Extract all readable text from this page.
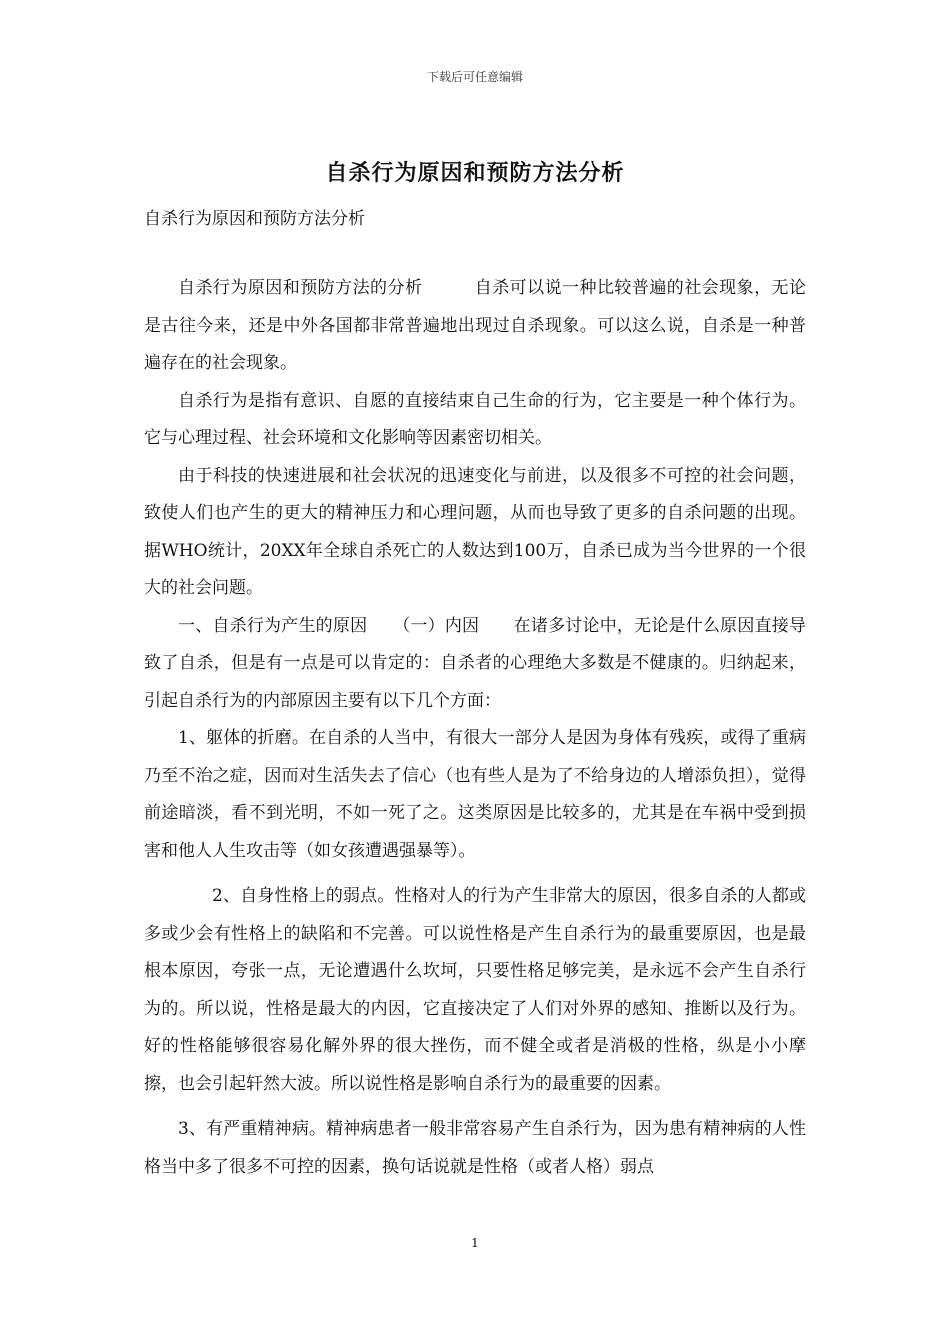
下载后可任意编辑
自杀行为原因和预防方法分析
自杀行为原因和预防方法分析

自杀行为原因和预防方法的分析　　　自杀可以说一种比较普遍的社会现象，无论是古往今来，还是中外各国都非常普遍地出现过自杀现象。可以这么说，自杀是一种普遍存在的社会现象。

自杀行为是指有意识、自愿的直接结束自己生命的行为，它主要是一种个体行为。它与心理过程、社会环境和文化影响等因素密切相关。

由于科技的快速进展和社会状况的迅速变化与前进，以及很多不可控的社会问题，致使人们也产生的更大的精神压力和心理问题，从而也导致了更多的自杀问题的出现。据WHO统计，20XX年全球自杀死亡的人数达到100万，自杀已成为当今世界的一个很大的社会问题。

一、自杀行为产生的原因　　（一）内因　　在诸多讨论中，无论是什么原因直接导致了自杀，但是有一点是可以肯定的：自杀者的心理绝大多数是不健康的。归纳起来，引起自杀行为的内部原因主要有以下几个方面：

1、躯体的折磨。在自杀的人当中，有很大一部分人是因为身体有残疾，或得了重病乃至不治之症，因而对生活失去了信心（也有些人是为了不给身边的人增添负担），觉得前途暗淡，看不到光明，不如一死了之。这类原因是比较多的，尤其是在车祸中受到损害和他人人生攻击等（如女孩遭遇强暴等）。

2、自身性格上的弱点。性格对人的行为产生非常大的原因，很多自杀的人都或多或少会有性格上的缺陷和不完善。可以说性格是产生自杀行为的最重要原因，也是最根本原因，夸张一点，无论遭遇什么坎坷，只要性格足够完美，是永远不会产生自杀行为的。所以说，性格是最大的内因，它直接决定了人们对外界的感知、推断以及行为。好的性格能够很容易化解外界的很大挫伤，而不健全或者是消极的性格，纵是小小摩擦，也会引起轩然大波。所以说性格是影响自杀行为的最重要的因素。

3、有严重精神病。精神病患者一般非常容易产生自杀行为，因为患有精神病的人性格当中多了很多不可控的因素，换句话说就是性格（或者人格）弱点

1
